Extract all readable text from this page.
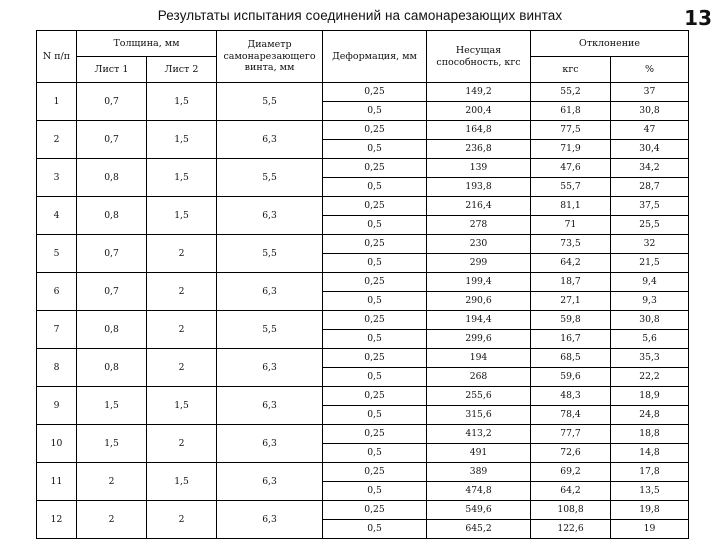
Результаты испытания соединений на самонарезающих винтах	13
N п/п	Толщина, мм		Диаметр самонарезающего винта, мм	Деформация, мм	Несущая способность, кгс	Отклонение	
	Лист 1	Лист 2				кгс	%
1	0,7	1,5	5,5	0,25	149,2	55,2	37
				0,5	200,4	61,8	30,8
2	0,7	1,5	6,3	0,25	164,8	77,5	47
				0,5	236,8	71,9	30,4
3	0,8	1,5	5,5	0,25	139	47,6	34,2
				0,5	193,8	55,7	28,7
4	0,8	1,5	6,3	0,25	216,4	81,1	37,5
				0,5	278	71	25,5
5	0,7	2	5,5	0,25	230	73,5	32
				0,5	299	64,2	21,5
6	0,7	2	6,3	0,25	199,4	18,7	9,4
				0,5	290,6	27,1	9,3
7	0,8	2	5,5	0,25	194,4	59,8	30,8
				0,5	299,6	16,7	5,6
8	0,8	2	6,3	0,25	194	68,5	35,3
				0,5	268	59,6	22,2
9	1,5	1,5	6,3	0,25	255,6	48,3	18,9
				0,5	315,6	78,4	24,8
10	1,5	2	6,3	0,25	413,2	77,7	18,8
				0,5	491	72,6	14,8
11	2	1,5	6,3	0,25	389	69,2	17,8
				0,5	474,8	64,2	13,5
12	2	2	6,3	0,25	549,6	108,8	19,8
				0,5	645,2	122,6	19
